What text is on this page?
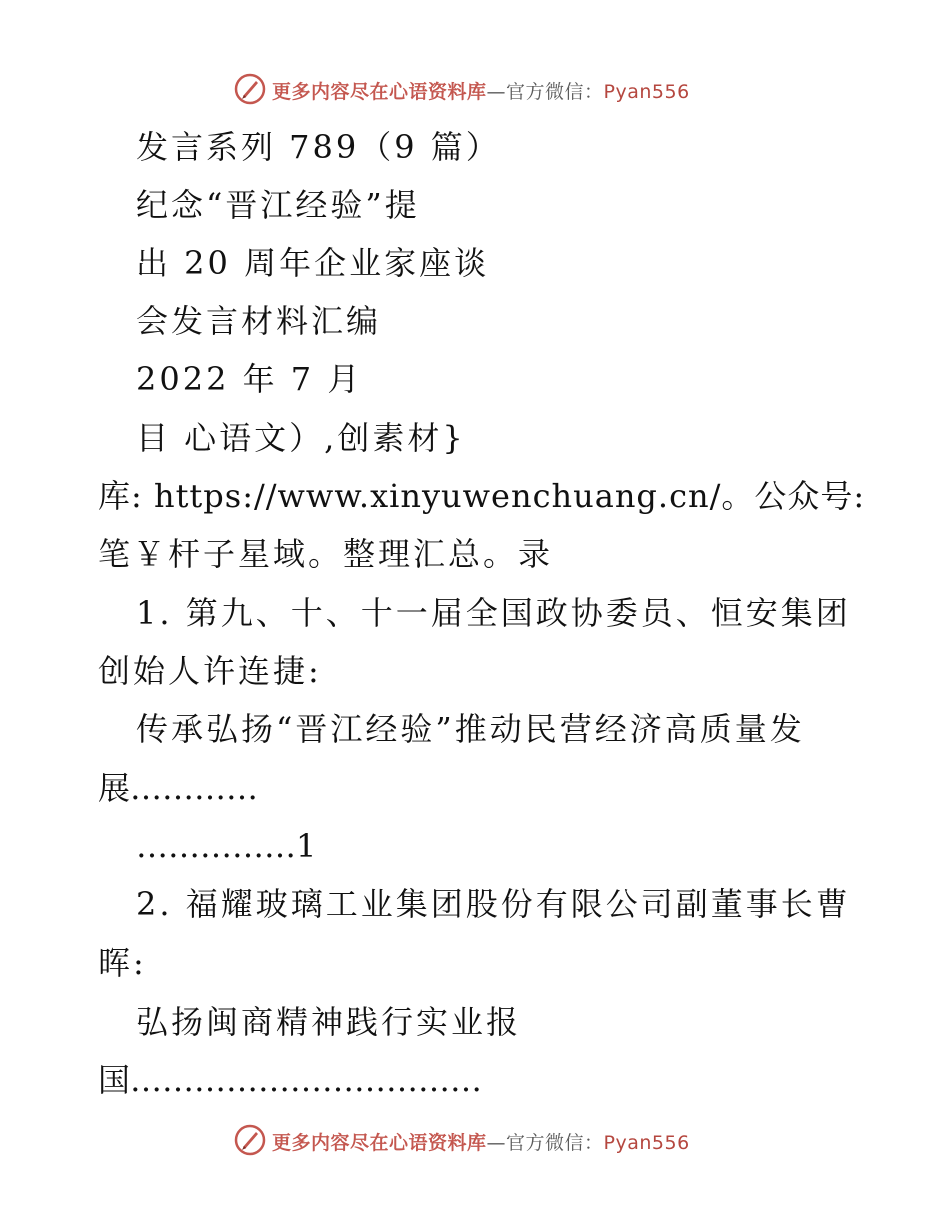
更多内容尽在心语资料库—官方微信：Pyan556
发言系列 789（9 篇）
纪念“晋江经验”提
出 20 周年企业家座谈
会发言材料汇编
2022 年 7 月
目 心语文）,创素材}
库: https://www.xinyuwenchuang.cn/。公众号:
笔￥杆子星域。整理汇总。录
1. 第九、十、十一届全国政协委员、恒安集团
创始人许连捷:
传承弘扬“晋江经验”推动民营经济高质量发
展…………
……………1
2. 福耀玻璃工业集团股份有限公司副董事长曹
晖:
弘扬闽商精神践行实业报
国……………………………
更多内容尽在心语资料库—官方微信：Pyan556
